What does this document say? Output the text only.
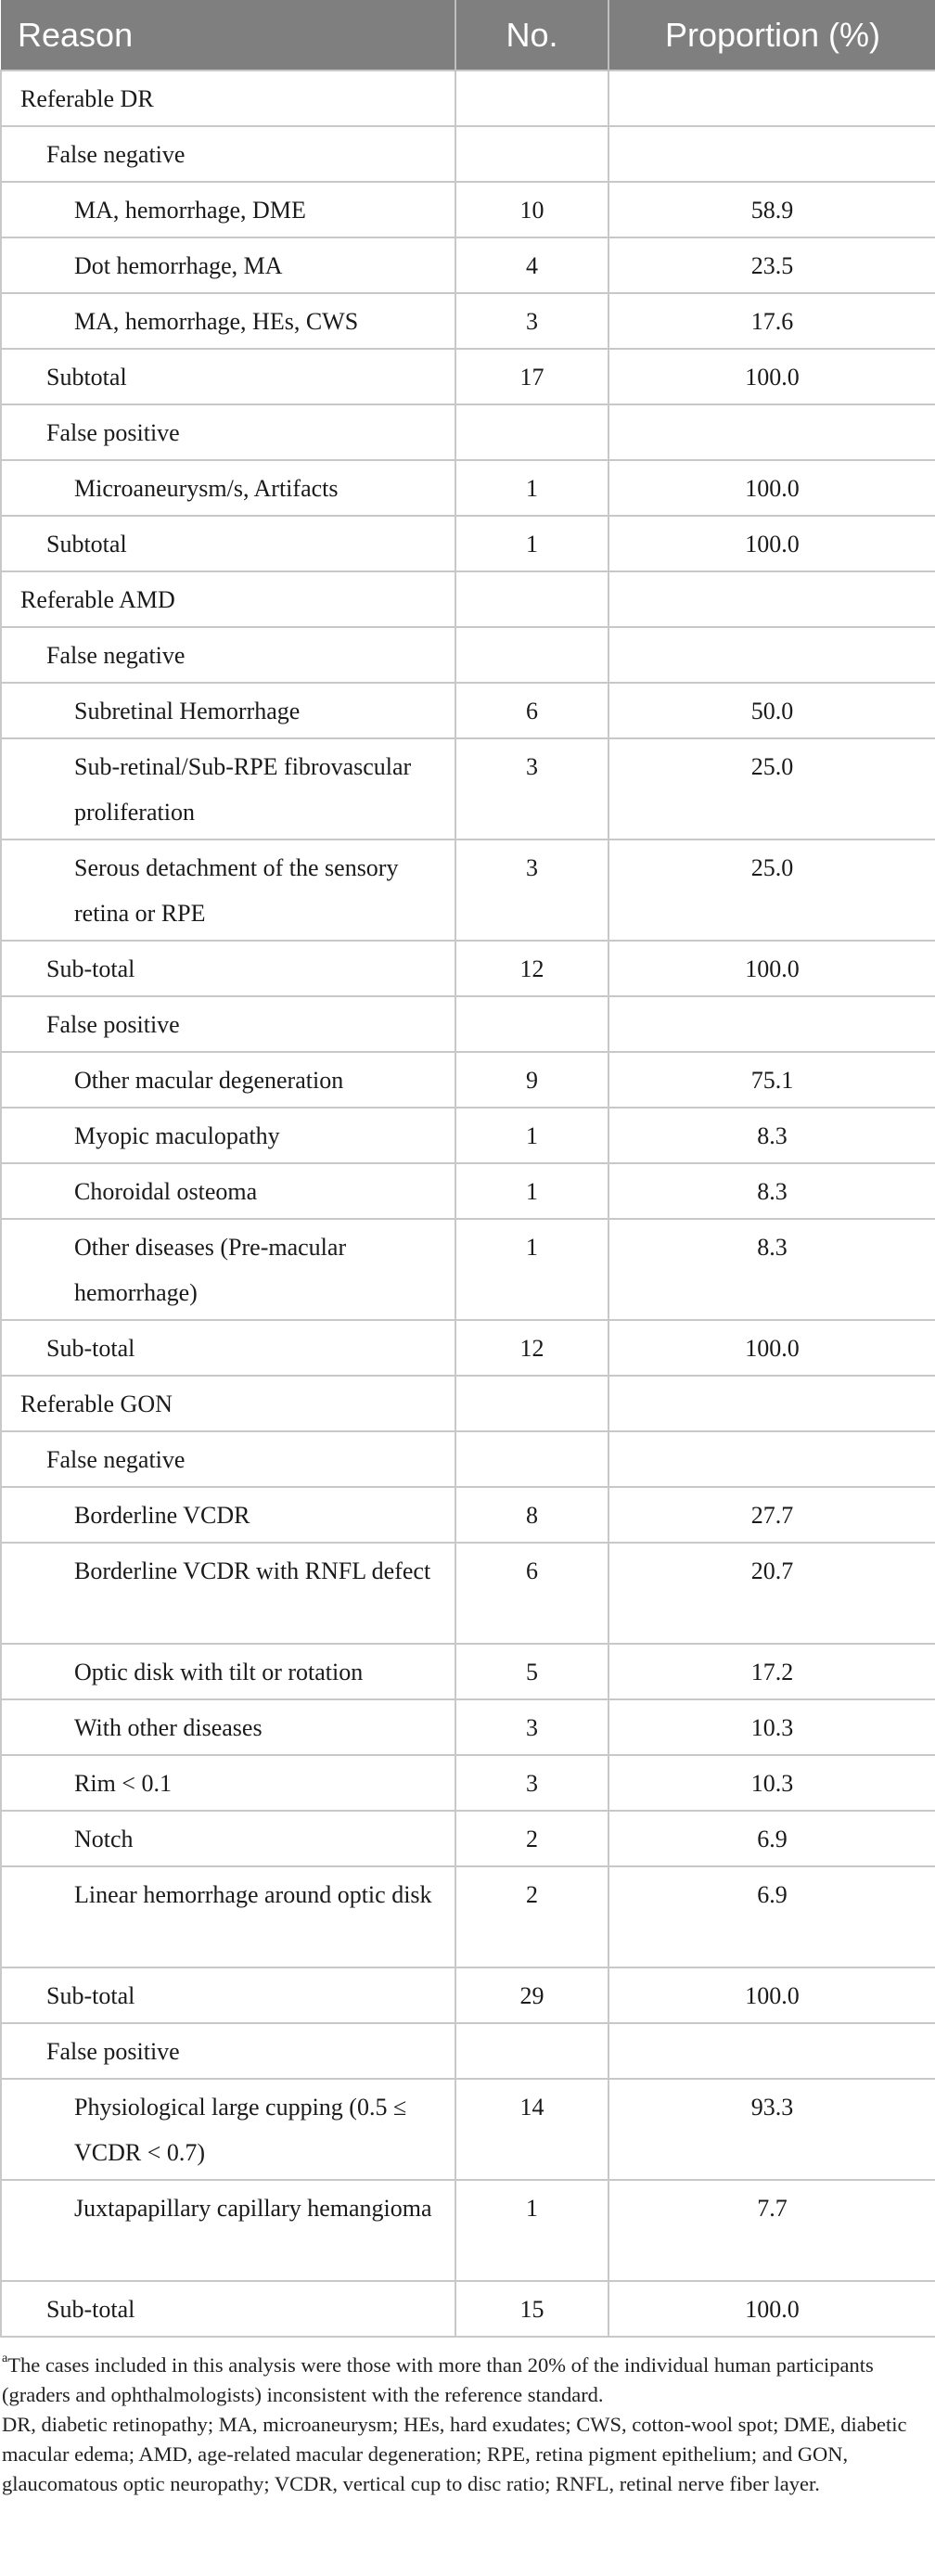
Reason	No.	Proportion (%)
Referable DR		
False negative		
MA, hemorrhage, DME	10	58.9
Dot hemorrhage, MA	4	23.5
MA, hemorrhage, HEs, CWS	3	17.6
Subtotal	17	100.0
False positive		
Microaneurysm/s, Artifacts	1	100.0
Subtotal	1	100.0
Referable AMD		
False negative		
Subretinal Hemorrhage	6	50.0
Sub-retinal/Sub-RPE fibrovascular proliferation	3	25.0
Serous detachment of the sensory retina or RPE	3	25.0
Sub-total	12	100.0
False positive		
Other macular degeneration	9	75.1
Myopic maculopathy	1	8.3
Choroidal osteoma	1	8.3
Other diseases (Pre-macular hemorrhage)	1	8.3
Sub-total	12	100.0
Referable GON		
False negative		
Borderline VCDR	8	27.7
Borderline VCDR with RNFL defect	6	20.7
Optic disk with tilt or rotation	5	17.2
With other diseases	3	10.3
Rim < 0.1	3	10.3
Notch	2	6.9
Linear hemorrhage around optic disk	2	6.9
Sub-total	29	100.0
False positive		
Physiological large cupping (0.5 ≤ VCDR < 0.7)	14	93.3
Juxtapapillary capillary hemangioma	1	7.7
Sub-total	15	100.0

$^a$The cases included in this analysis were those with more than 20% of the individual human participants (graders and ophthalmologists) inconsistent with the reference standard.

DR, diabetic retinopathy; MA, microaneurysm; HEs, hard exudates; CWS, cotton-wool spot; DME, diabetic macular edema; AMD, age-related macular degeneration; RPE, retina pigment epithelium; and GON, glaucomatous optic neuropathy; VCDR, vertical cup to disc ratio; RNFL, retinal nerve fiber layer.
